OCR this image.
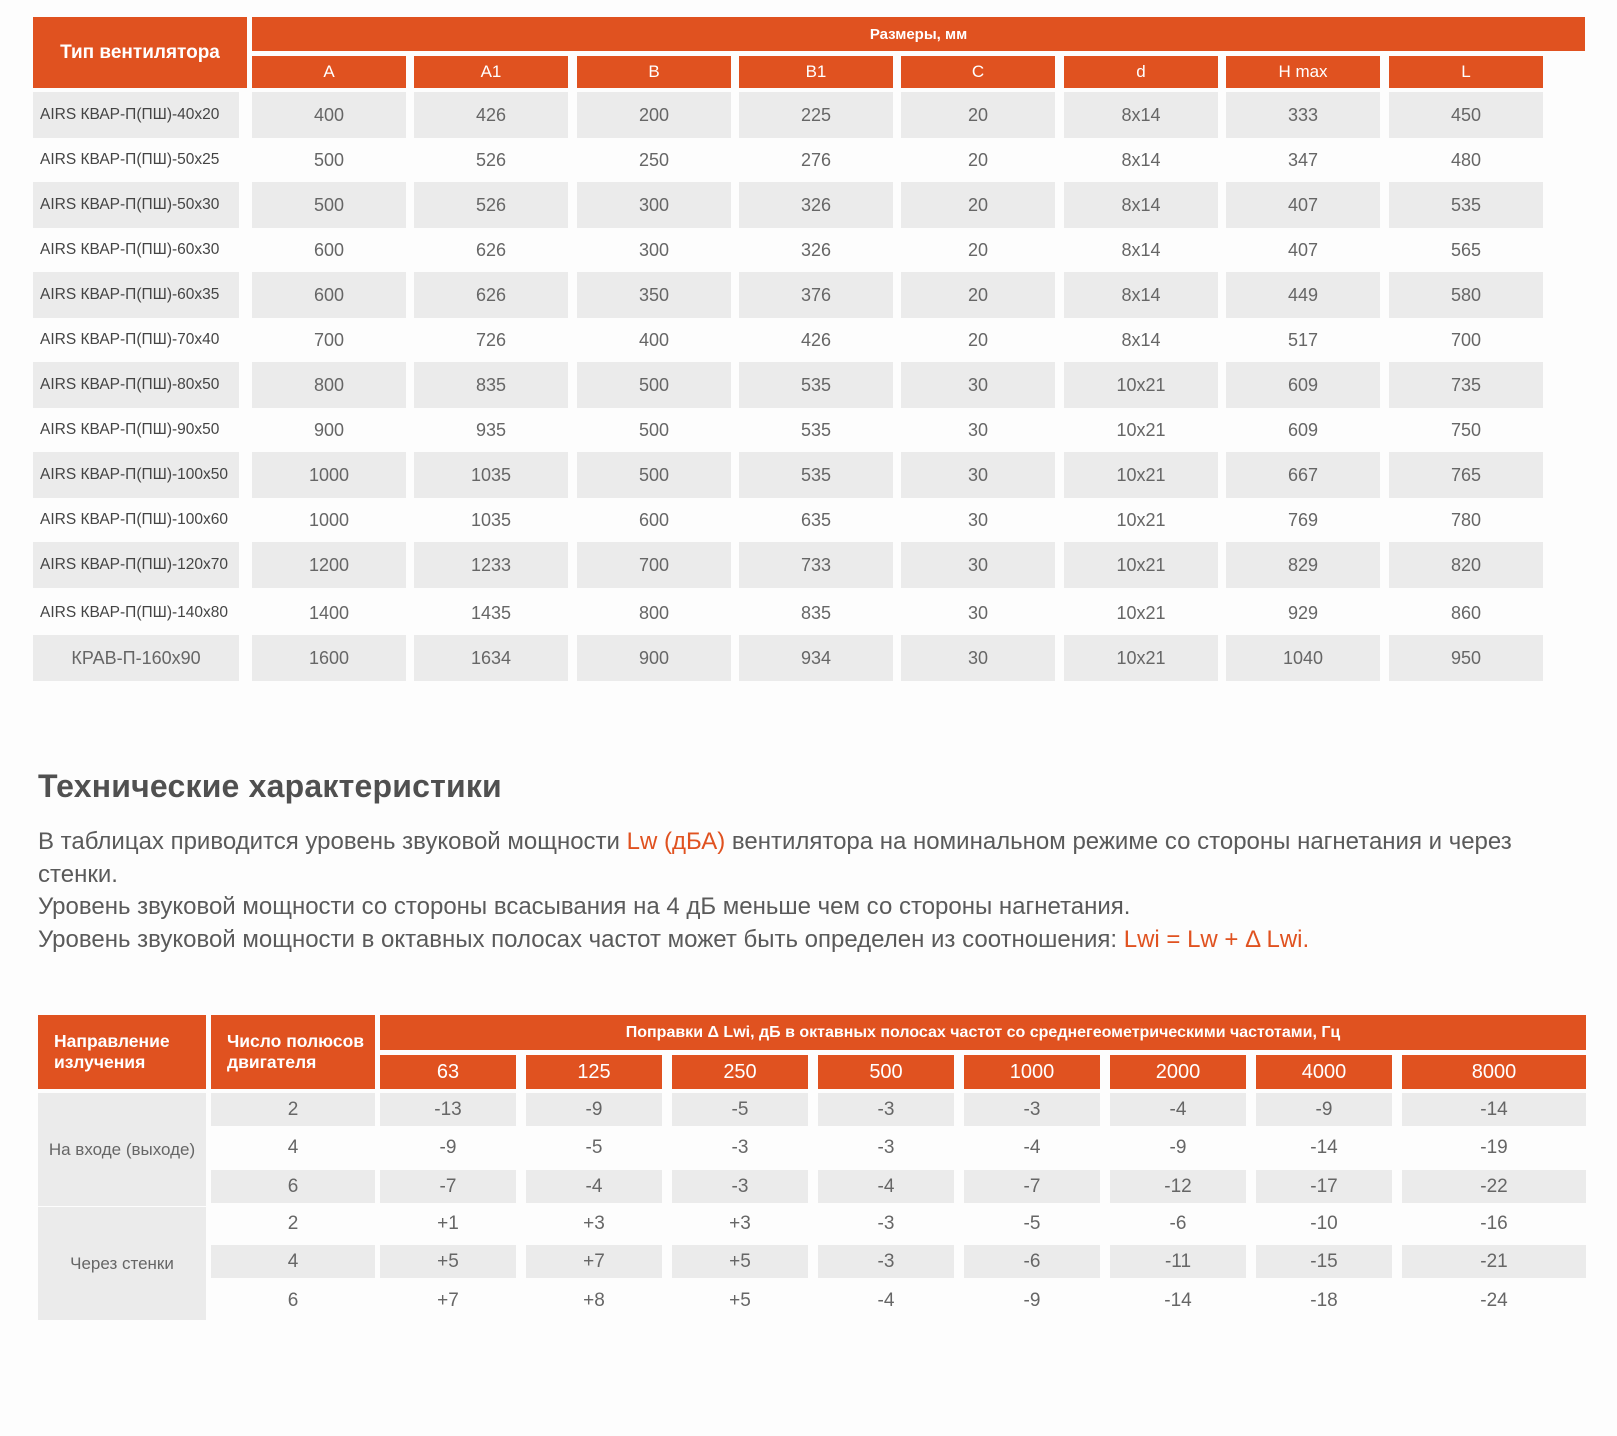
Тип вентилятора
Размеры, мм
A	A1	B	B1	C	d	H max	L
AIRS КВАР-П(ПШ)-40x20	400	426	200	225	20	8x14	333	450
AIRS КВАР-П(ПШ)-50x25	500	526	250	276	20	8x14	347	480
AIRS КВАР-П(ПШ)-50x30	500	526	300	326	20	8x14	407	535
AIRS КВАР-П(ПШ)-60x30	600	626	300	326	20	8x14	407	565
AIRS КВАР-П(ПШ)-60x35	600	626	350	376	20	8x14	449	580
AIRS КВАР-П(ПШ)-70x40	700	726	400	426	20	8x14	517	700
AIRS КВАР-П(ПШ)-80x50	800	835	500	535	30	10x21	609	735
AIRS КВАР-П(ПШ)-90x50	900	935	500	535	30	10x21	609	750
AIRS КВАР-П(ПШ)-100x50	1000	1035	500	535	30	10x21	667	765
AIRS КВАР-П(ПШ)-100x60	1000	1035	600	635	30	10x21	769	780
AIRS КВАР-П(ПШ)-120x70	1200	1233	700	733	30	10x21	829	820
AIRS КВАР-П(ПШ)-140x80	1400	1435	800	835	30	10x21	929	860
КРАВ-П-160x90	1600	1634	900	934	30	10x21	1040	950
Технические характеристики

В таблицах приводится уровень звуковой мощности Lw (дБА) вентилятора на номинальном режиме со стороны нагнетания и через стенки.

Уровень звуковой мощности со стороны всасывания на 4 дБ меньше чем со стороны нагнетания.

Уровень звуковой мощности в октавных полосах частот может быть определен из соотношения: Lwi = Lw + Δ Lwi.

Направление излучения
Число полюсов двигателя
Поправки Δ Lwi, дБ в октавных полосах частот со среднегеометрическими частотами, Гц
63	125	250	500	1000	2000	4000	8000
На входе (выходе)
2	-13	-9	-5	-3	-3	-4	-9	-14
4	-9	-5	-3	-3	-4	-9	-14	-19
6	-7	-4	-3	-4	-7	-12	-17	-22
Через стенки
2	+1	+3	+3	-3	-5	-6	-10	-16
4	+5	+7	+5	-3	-6	-11	-15	-21
6	+7	+8	+5	-4	-9	-14	-18	-24
